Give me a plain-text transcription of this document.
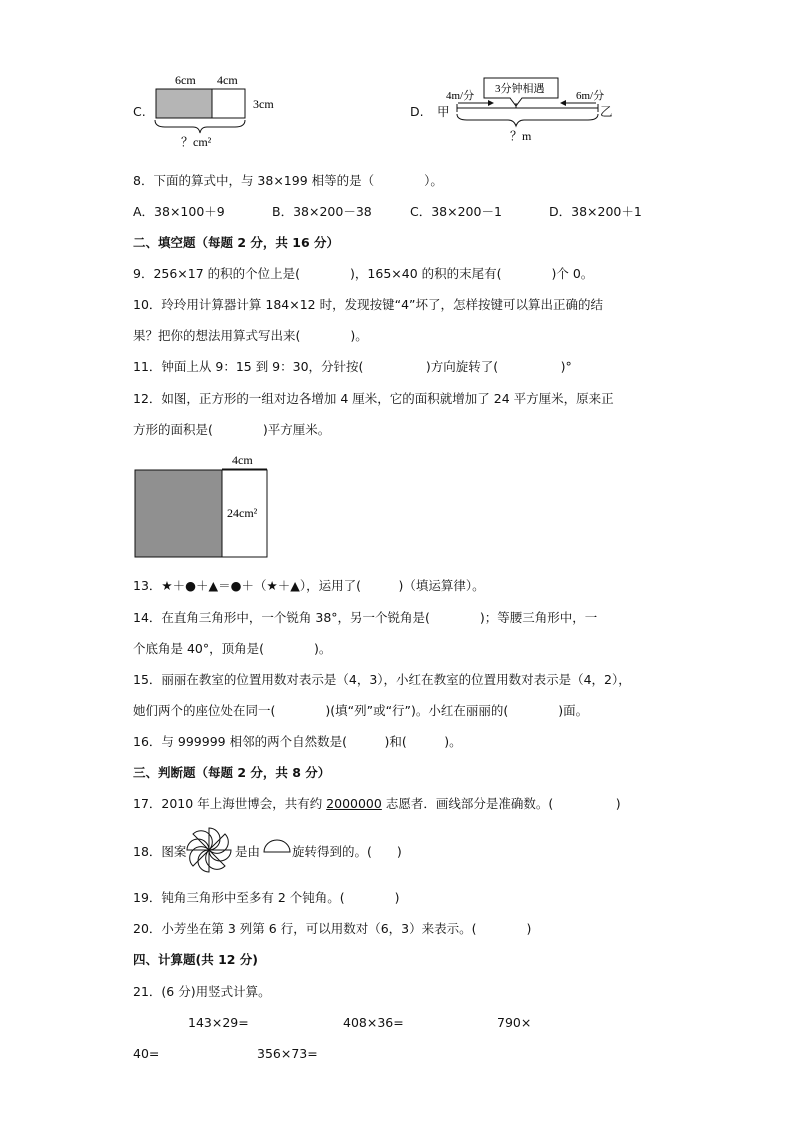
C.
6cm 4cm
3cm
？cm²
D. 甲	乙
4m/分	6m/分
3分钟相遇
？m
8．下面的算式中，与 38×199 相等的是（　　　　）。
A．38×100＋9	B．38×200－38	C．38×200－1	D．38×200＋1
二、填空题（每题 2 分，共 16 分）
9．256×17 的积的个位上是(　　　　)，165×40 的积的末尾有(　　　　)个 0。
10．玲玲用计算器计算 184×12 时，发现按键“4”坏了，怎样按键可以算出正确的结
果？把你的想法用算式写出来(　　　　)。
11．钟面上从 9：15 到 9：30，分针按(　　　　　)方向旋转了(　　　　　)°
12．如图，正方形的一组对边各增加 4 厘米，它的面积就增加了 24 平方厘米，原来正
方形的面积是(　　　　)平方厘米。
4cm
24cm²
13．★＋●＋▲＝●＋（★＋▲），运用了(　　　)（填运算律）。
14．在直角三角形中，一个锐角 38°，另一个锐角是(　　　　)；等腰三角形中，一
个底角是 40°，顶角是(　　　　)。
15．丽丽在教室的位置用数对表示是（4，3），小红在教室的位置用数对表示是（4，2），
她们两个的座位处在同一(　　　　)(填“列”或“行”)。小红在丽丽的(　　　　)面。
16．与 999999 相邻的两个自然数是(　　　)和(　　　)。
三、判断题（每题 2 分，共 8 分）
17．2010 年上海世博会，共有约 2000000 志愿者．画线部分是准确数。(　　　　　)
18．图案	是由	旋转得到的。(　　)
19．钝角三角形中至多有 2 个钝角。(　　　　)
20．小芳坐在第 3 列第 6 行，可以用数对（6，3）来表示。(　　　　)
四、计算题(共 12 分)
21．(6 分)用竖式计算。
143×29=	408×36=	790×
40=	356×73=
